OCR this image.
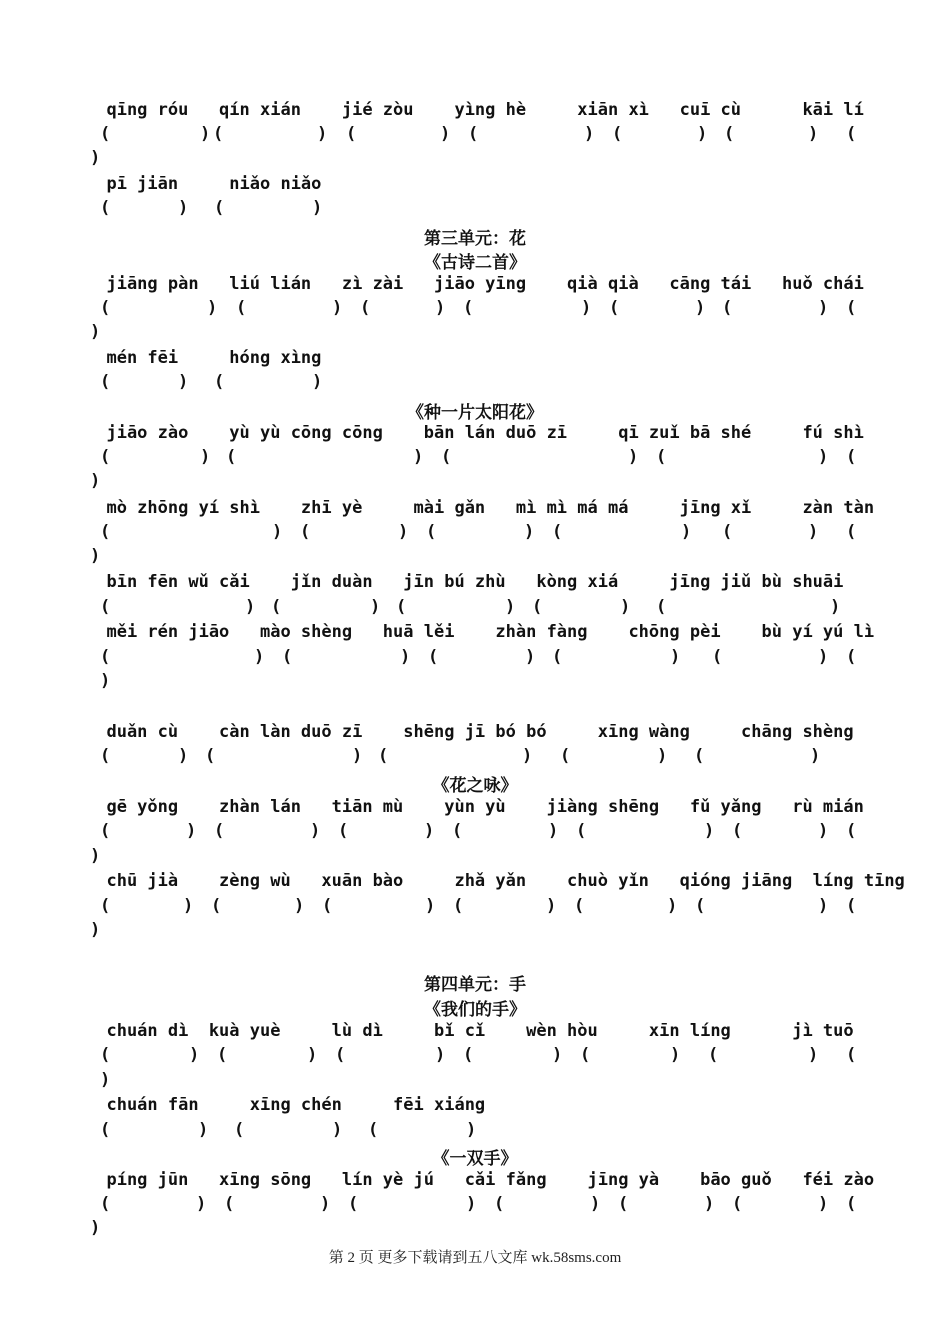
qīng róu   qín xián    jié zòu    yìng hè     xiān xì   cuī cù      kāi lí
(	) (	) (	) (	) (	) (	) (
)
pī jiān     niǎo niǎo
(	) (	)
第三单元：花
《古诗二首》
jiāng pàn   liú lián   zì zài   jiāo yīng    qià qià   cāng tái   huǒ chái
(	) (	) (	) (	) (	) (	) (
)
mén fēi     hóng xìng
(	) (	)
《种一片太阳花》
jiāo zào    yù yù cōng cōng    bān lán duō zī     qī zuǐ bā shé     fú shì
(	) (	) (	) (	) (
)
mò zhōng yí shì    zhī yè     mài gǎn   mì mì má má     jīng xǐ     zàn tàn
(	) (	) (	) (	) (	) (
)
bīn fēn wǔ cǎi    jǐn duàn   jīn bú zhù   kòng xiá     jīng jiǔ bù shuāi
(	) (	) (	) (	) (	)
měi rén jiāo   mào shèng   huā lěi    zhàn fàng    chōng pèi    bù yí yú lì
(	) (	) (	) (	) (	) (
)
duǎn cù    càn làn duō zī    shēng jī bó bó     xīng wàng     chāng shèng
(	) (	) (	) (	) (	)
《花之咏》
gē yǒng    zhàn lán   tiān mù    yùn yù    jiàng shēng   fǔ yǎng   rù mián
(	) (	) (	) (	) (	) (	) (
)
chū jià    zèng wù   xuān bào     zhǎ yǎn    chuò yǐn   qióng jiāng  líng tīng
(	) (	) (	) (	) (	) (	) (
)
第四单元：手
《我们的手》
chuán dì  kuà yuè     lù dì     bǐ cǐ    wèn hòu     xīn líng      jì tuō
(	) (	) (	) (	) (	) (	) (
)
chuán fān     xīng chén     fēi xiáng
(	) (	) (	)
《一双手》
píng jūn   xīng sōng   lín yè jú   cǎi fǎng    jīng yà    bāo guǒ   féi zào
(	) (	) (	) (	) (	) (	) (
)
第 2 页 更多下载请到五八文库 wk.58sms.com
